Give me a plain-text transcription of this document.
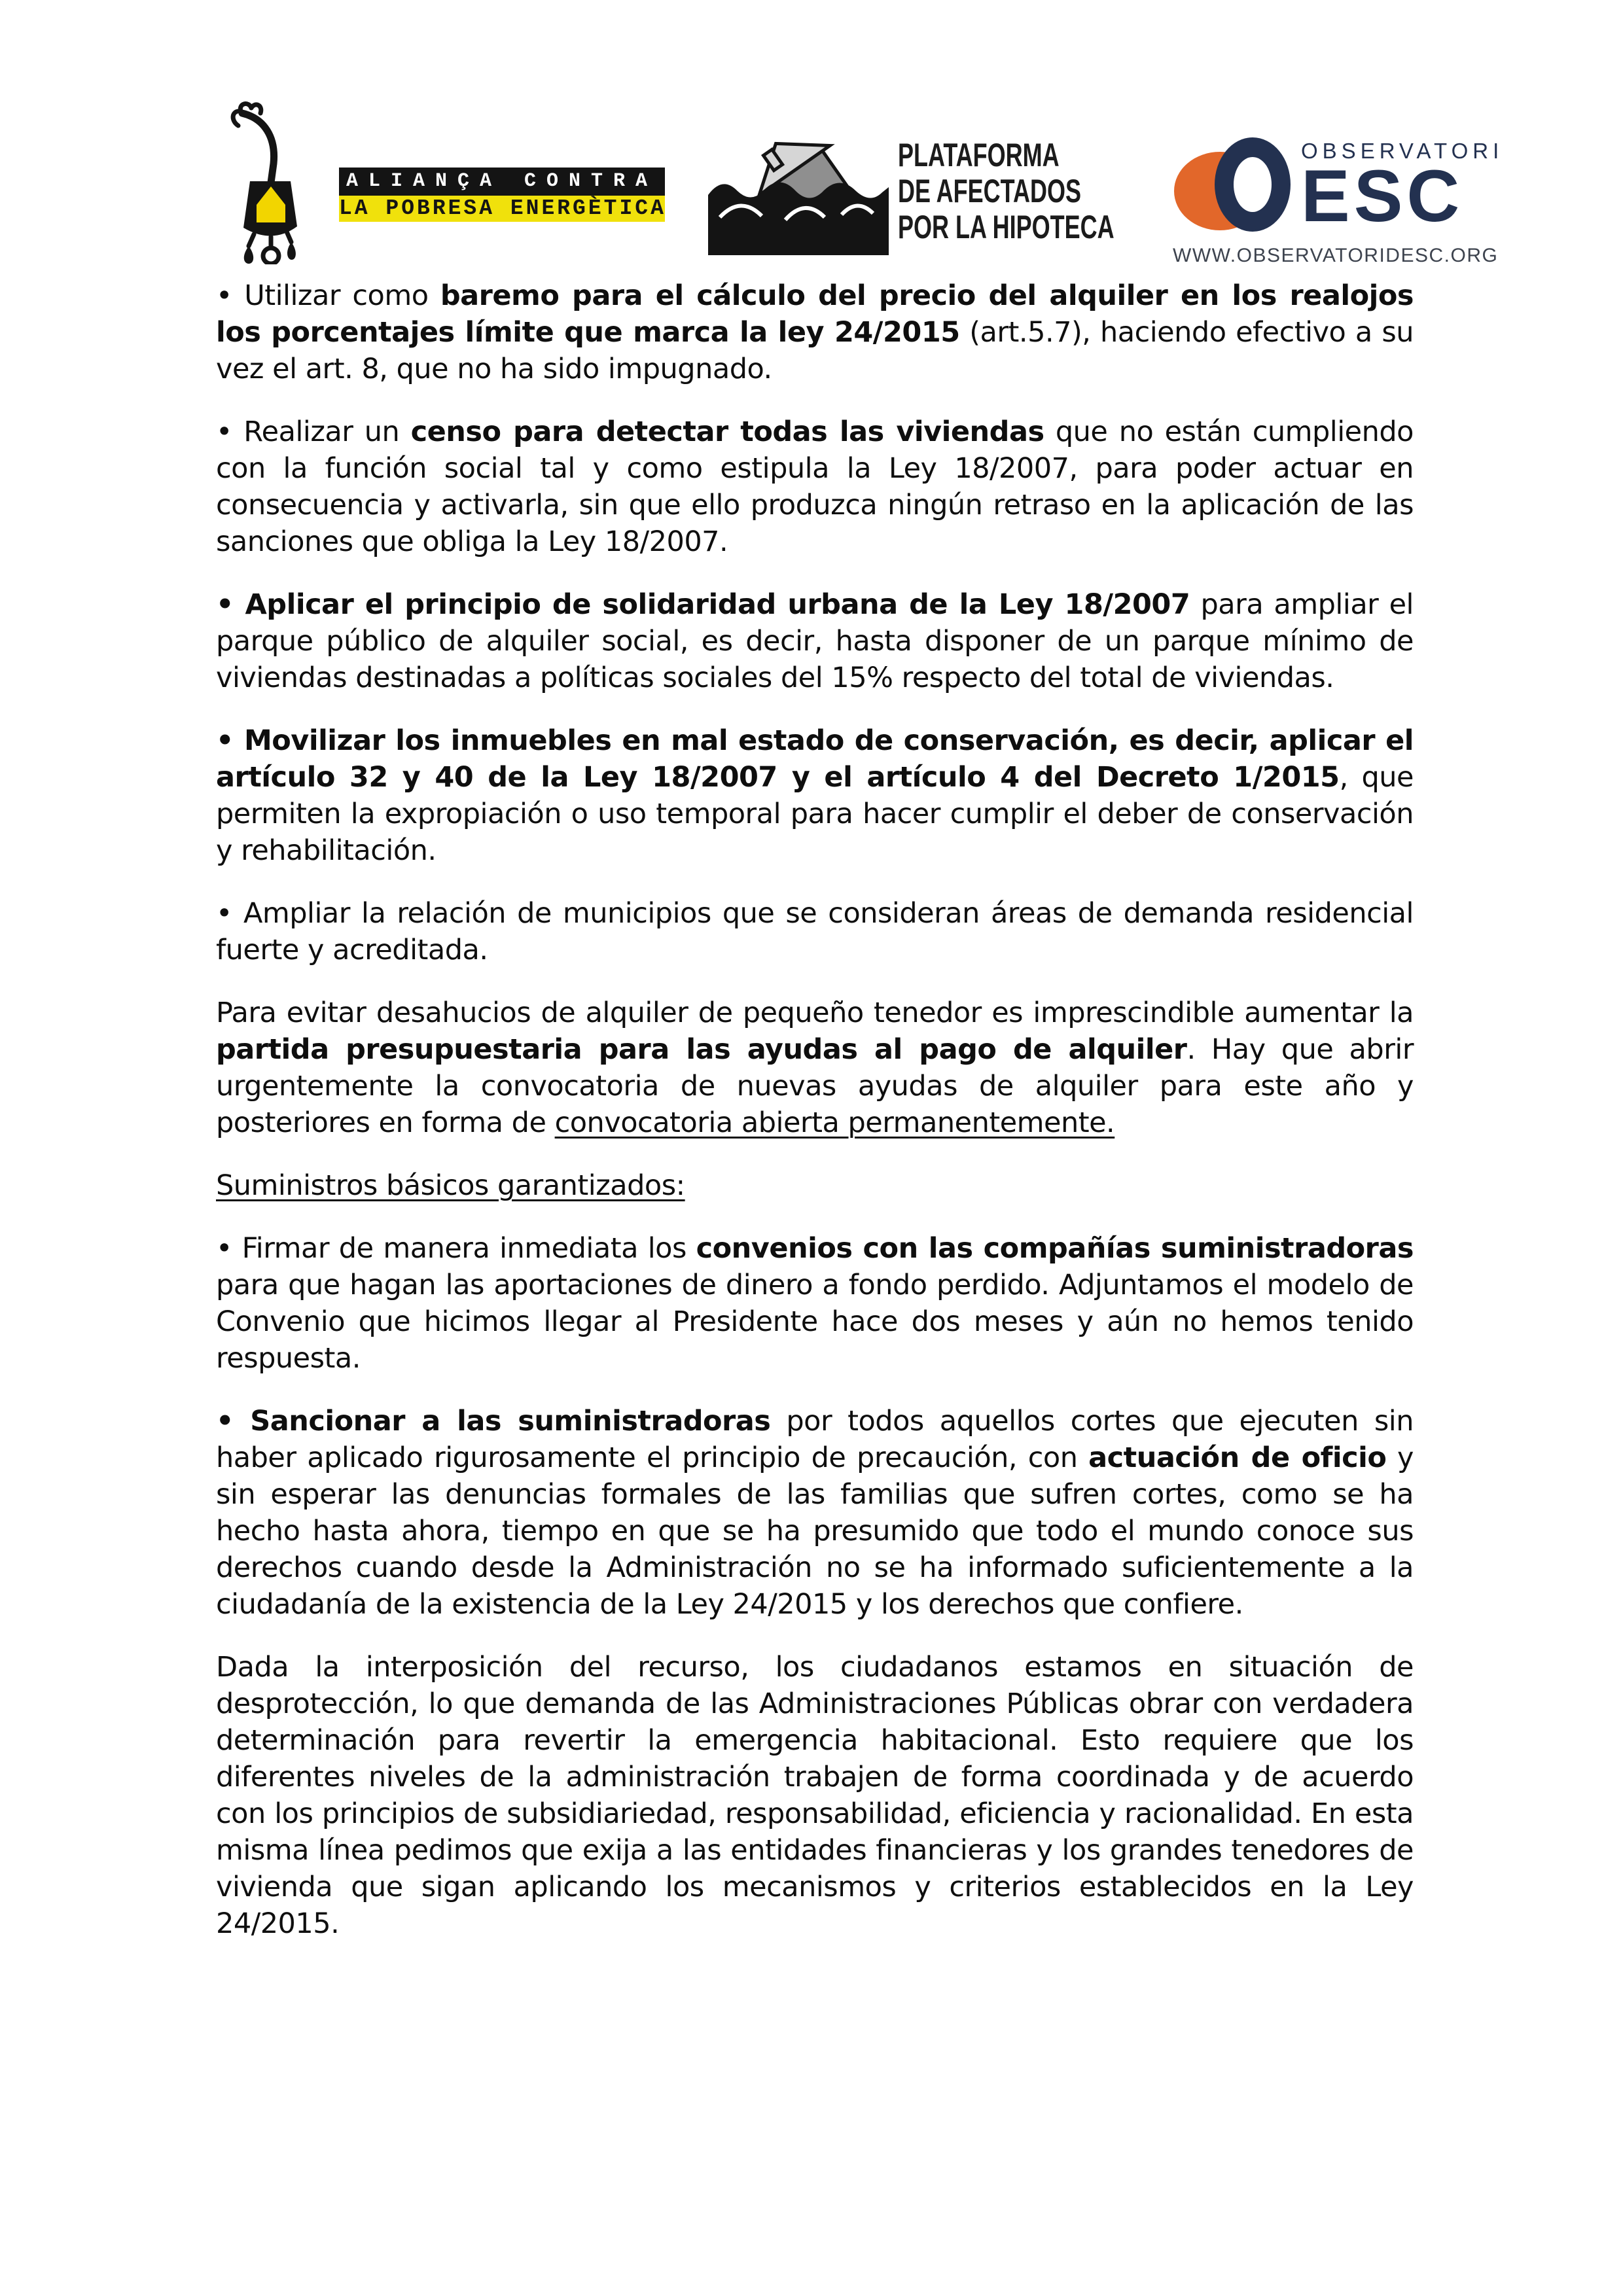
ALIANÇA CONTRA
LA POBRESA ENERGÈTICA
PLATAFORMA
DE AFECTADOS
POR LA HIPOTECA
OBSERVATORI
ESC
WWW.OBSERVATORIDESC.ORG

• Utilizar como baremo para el cálculo del precio del alquiler en los realojos los porcentajes límite que marca la ley 24/2015 (art.5.7), haciendo efectivo a su vez el art. 8, que no ha sido impugnado.

• Realizar un censo para detectar todas las viviendas que no están cumpliendo con la función social tal y como estipula la Ley 18/2007, para poder actuar en consecuencia y activarla, sin que ello produzca ningún retraso en la aplicación de las sanciones que obliga la Ley 18/2007.

• Aplicar el principio de solidaridad urbana de la Ley 18/2007 para ampliar el parque público de alquiler social, es decir, hasta disponer de un parque mínimo de viviendas destinadas a políticas sociales del 15% respecto del total de viviendas.

• Movilizar los inmuebles en mal estado de conservación, es decir, aplicar el artículo 32 y 40 de la Ley 18/2007 y el artículo 4 del Decreto 1/2015, que permiten la expropiación o uso temporal para hacer cumplir el deber de conservación y rehabilitación.

• Ampliar la relación de municipios que se consideran áreas de demanda residencial fuerte y acreditada.

Para evitar desahucios de alquiler de pequeño tenedor es imprescindible aumentar la partida presupuestaria para las ayudas al pago de alquiler. Hay que abrir urgentemente la convocatoria de nuevas ayudas de alquiler para este año y posteriores en forma de convocatoria abierta permanentemente.

Suministros básicos garantizados:

• Firmar de manera inmediata los convenios con las compañías suministradoras para que hagan las aportaciones de dinero a fondo perdido. Adjuntamos el modelo de Convenio que hicimos llegar al Presidente hace dos meses y aún no hemos tenido respuesta.

• Sancionar a las suministradoras por todos aquellos cortes que ejecuten sin haber aplicado rigurosamente el principio de precaución, con actuación de oficio y sin esperar las denuncias formales de las familias que sufren cortes, como se ha hecho hasta ahora, tiempo en que se ha presumido que todo el mundo conoce sus derechos cuando desde la Administración no se ha informado suficientemente a la ciudadanía de la existencia de la Ley 24/2015 y los derechos que confiere.

Dada la interposición del recurso, los ciudadanos estamos en situación de desprotección, lo que demanda de las Administraciones Públicas obrar con verdadera determinación para revertir la emergencia habitacional. Esto requiere que los diferentes niveles de la administración trabajen de forma coordinada y de acuerdo con los principios de subsidiariedad, responsabilidad, eficiencia y racionalidad. En esta misma línea pedimos que exija a las entidades financieras y los grandes tenedores de vivienda que sigan aplicando los mecanismos y criterios establecidos en la Ley 24/2015.
